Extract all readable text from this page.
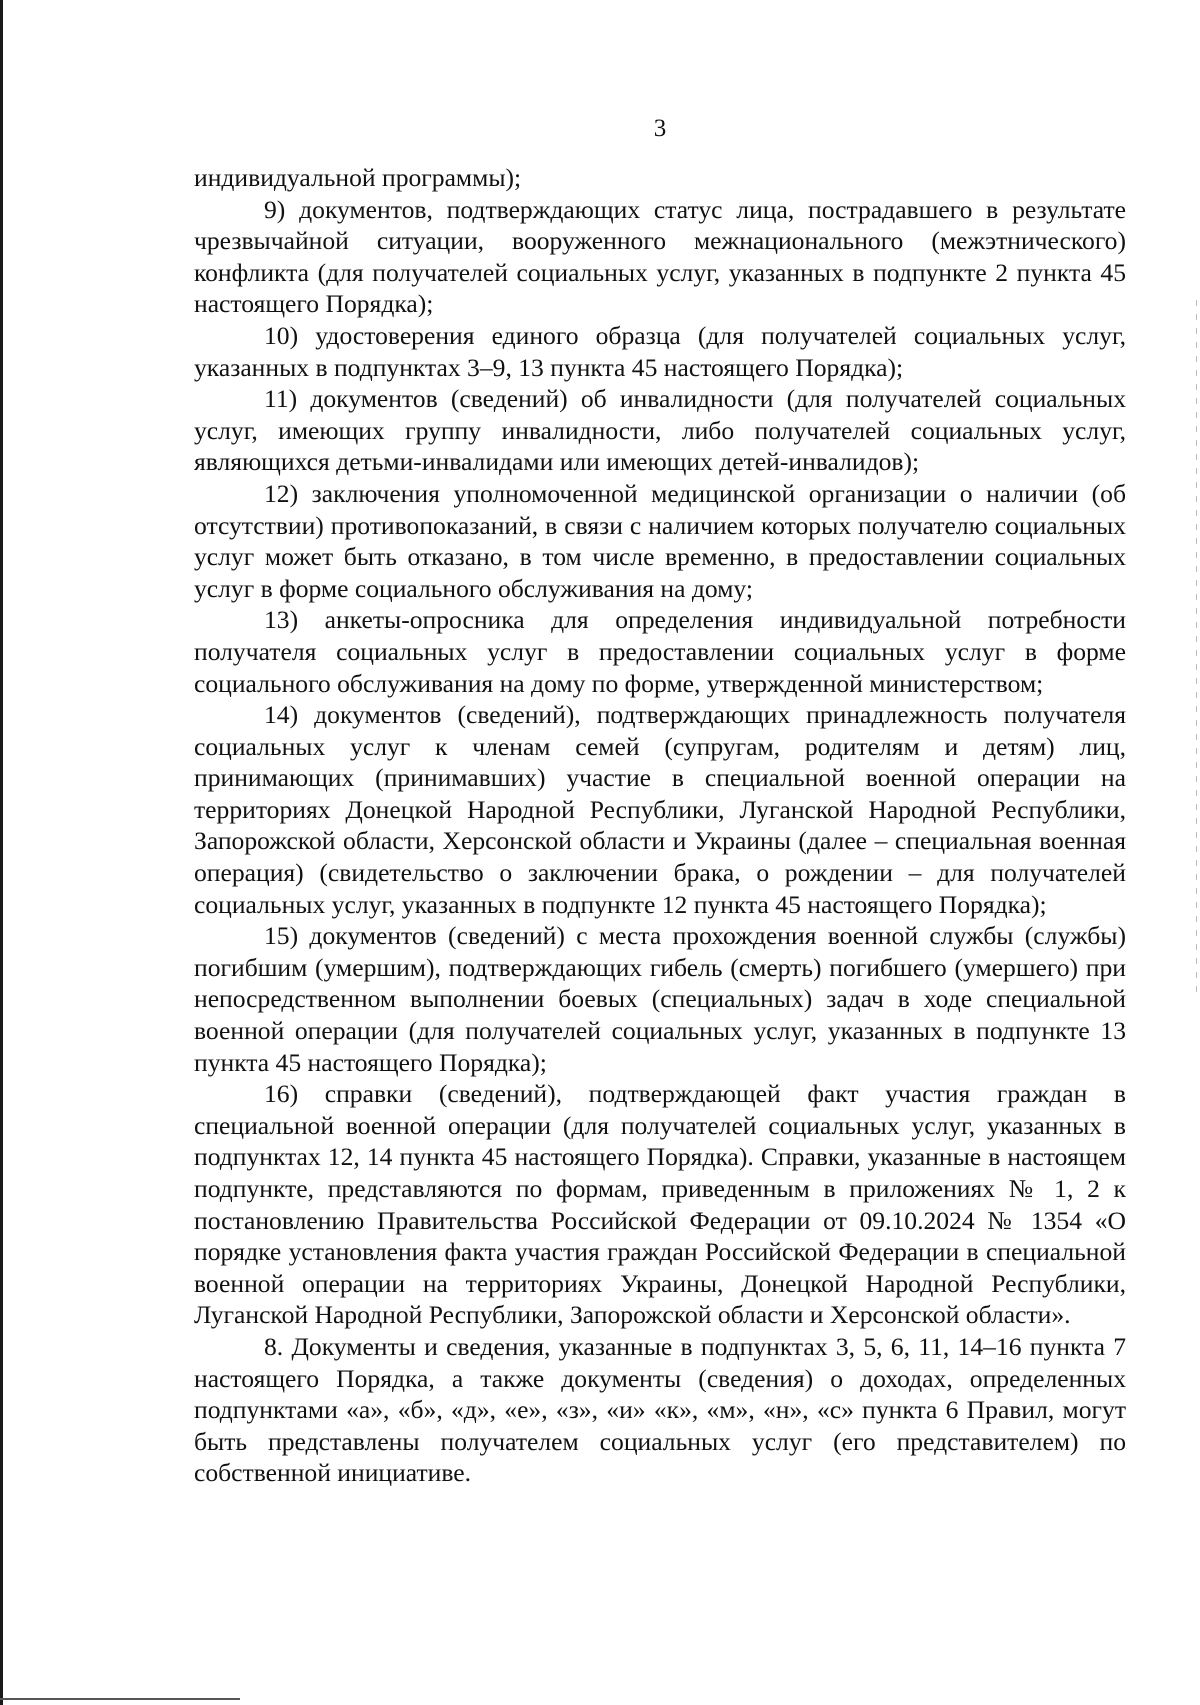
3

индивидуальной программы);

9) документов, подтверждающих статус лица, пострадавшего в результате чрезвычайной ситуации, вооруженного межнационального (межэтнического) конфликта (для получателей социальных услуг, указанных в подпункте 2 пункта 45 настоящего Порядка);

10) удостоверения единого образца (для получателей социальных услуг, указанных в подпунктах 3–9, 13 пункта 45 настоящего Порядка);

11) документов (сведений) об инвалидности (для получателей социальных услуг, имеющих группу инвалидности, либо получателей социальных услуг, являющихся детьми-инвалидами или имеющих детей-инвалидов);

12) заключения уполномоченной медицинской организации о наличии (об отсутствии) противопоказаний, в связи с наличием которых получателю социальных услуг может быть отказано, в том числе временно, в предоставлении социальных услуг в форме социального обслуживания на дому;

13) анкеты-опросника для определения индивидуальной потребности получателя социальных услуг в предоставлении социальных услуг в форме социального обслуживания на дому по форме, утвержденной министерством;

14) документов (сведений), подтверждающих принадлежность получателя социальных услуг к членам семей (супругам, родителям и детям) лиц, принимающих (принимавших) участие в специальной военной операции на территориях Донецкой Народной Республики, Луганской Народной Республики, Запорожской области, Херсонской области и Украины (далее – специальная военная операция) (свидетельство о заключении брака, о рождении – для получателей социальных услуг, указанных в подпункте 12 пункта 45 настоящего Порядка);

15) документов (сведений) с места прохождения военной службы (службы) погибшим (умершим), подтверждающих гибель (смерть) погибшего (умершего) при непосредственном выполнении боевых (специальных) задач в ходе специальной военной операции (для получателей социальных услуг, указанных в подпункте 13 пункта 45 настоящего Порядка);

16) справки (сведений), подтверждающей факт участия граждан в специальной военной операции (для получателей социальных услуг, указанных в подпунктах 12, 14 пункта 45 настоящего Порядка). Справки, указанные в настоящем подпункте, представляются по формам, приведенным в приложениях № 1, 2 к постановлению Правительства Российской Федерации от 09.10.2024 № 1354 «О порядке установления факта участия граждан Российской Федерации в специальной военной операции на территориях Украины, Донецкой Народной Республики, Луганской Народной Республики, Запорожской области и Херсонской области».

8. Документы и сведения, указанные в подпунктах 3, 5, 6, 11, 14–16 пункта 7 настоящего Порядка, а также документы (сведения) о доходах, определенных подпунктами «а», «б», «д», «е», «з», «и» «к», «м», «н», «с» пункта 6 Правил, могут быть представлены получателем социальных услуг (его представителем) по собственной инициативе.
